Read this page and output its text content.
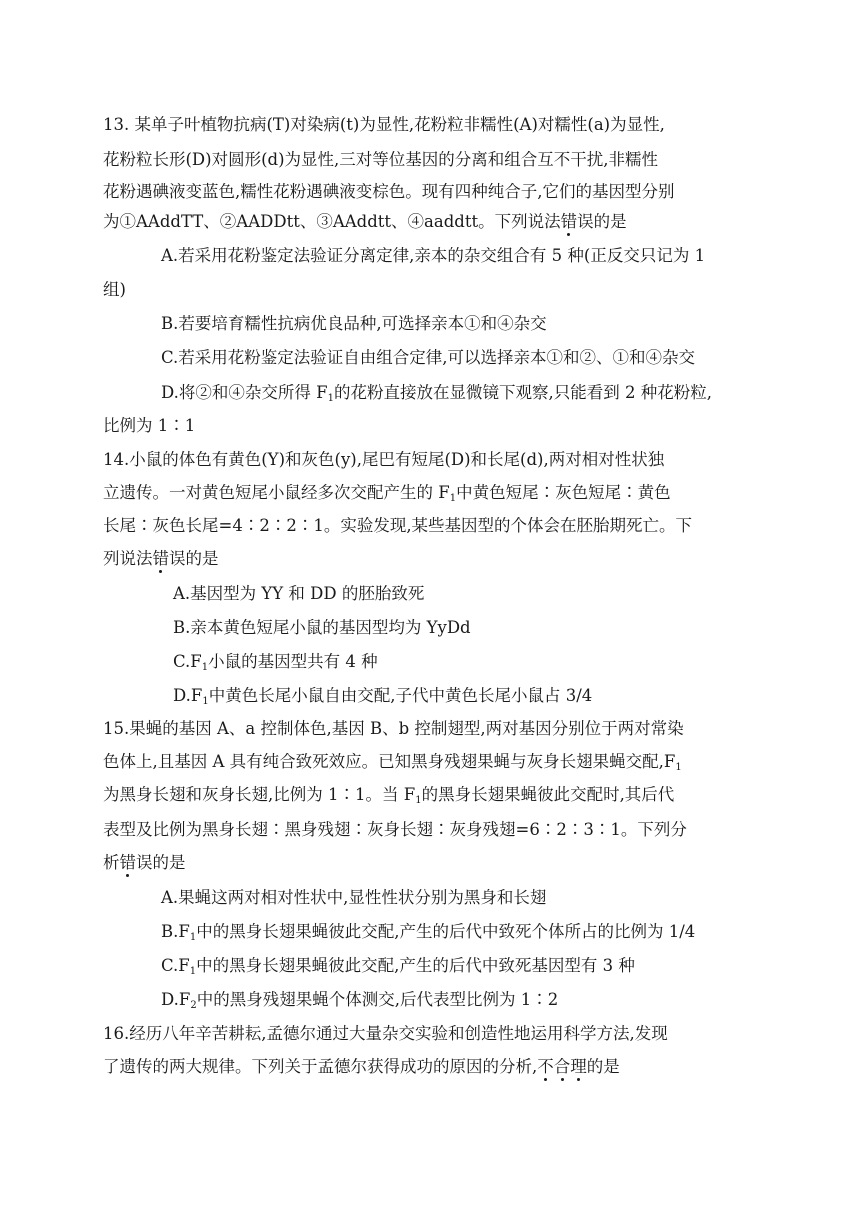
13. 某单子叶植物抗病(T)对染病(t)为显性,花粉粒非糯性(A)对糯性(a)为显性,
花粉粒长形(D)对圆形(d)为显性,三对等位基因的分离和组合互不干扰,非糯性
花粉遇碘液变蓝色,糯性花粉遇碘液变棕色。现有四种纯合子,它们的基因型分别
为①AAddTT、②AADDtt、③AAddtt、④aaddtt。下列说法错误的是
A.若采用花粉鉴定法验证分离定律,亲本的杂交组合有 5 种(正反交只记为 1
组)
B.若要培育糯性抗病优良品种,可选择亲本①和④杂交
C.若采用花粉鉴定法验证自由组合定律,可以选择亲本①和②、①和④杂交
D.将②和④杂交所得 $F_1$的花粉直接放在显微镜下观察,只能看到 2 种花粉粒,
比例为 1∶1
14.小鼠的体色有黄色(Y)和灰色(y),尾巴有短尾(D)和长尾(d),两对相对性状独
立遗传。一对黄色短尾小鼠经多次交配产生的 $F_1$中黄色短尾∶灰色短尾∶黄色
长尾∶灰色长尾=4∶2∶2∶1。实验发现,某些基因型的个体会在胚胎期死亡。下
列说法错误的是
A.基因型为 YY 和 DD 的胚胎致死
B.亲本黄色短尾小鼠的基因型均为 YyDd
$C.F_1$小鼠的基因型共有 4 种
$D.F_1$中黄色长尾小鼠自由交配,子代中黄色长尾小鼠占 3/4
15.果蝇的基因 A、a 控制体色,基因 B、b 控制翅型,两对基因分别位于两对常染
色体上,且基因 A 具有纯合致死效应。已知黑身残翅果蝇与灰身长翅果蝇交配$,F_1$
为黑身长翅和灰身长翅,比例为 1∶1。当 $F_1$的黑身长翅果蝇彼此交配时,其后代
表型及比例为黑身长翅∶黑身残翅∶灰身长翅∶灰身残翅=6∶2∶3∶1。下列分
析错误的是
A.果蝇这两对相对性状中,显性性状分别为黑身和长翅
$B.F_1$中的黑身长翅果蝇彼此交配,产生的后代中致死个体所占的比例为 1/4
$C.F_1$中的黑身长翅果蝇彼此交配,产生的后代中致死基因型有 3 种
$D.F_2$中的黑身残翅果蝇个体测交,后代表型比例为 1∶2
16.经历八年辛苦耕耘,孟德尔通过大量杂交实验和创造性地运用科学方法,发现
了遗传的两大规律。下列关于孟德尔获得成功的原因的分析,不合理的是
